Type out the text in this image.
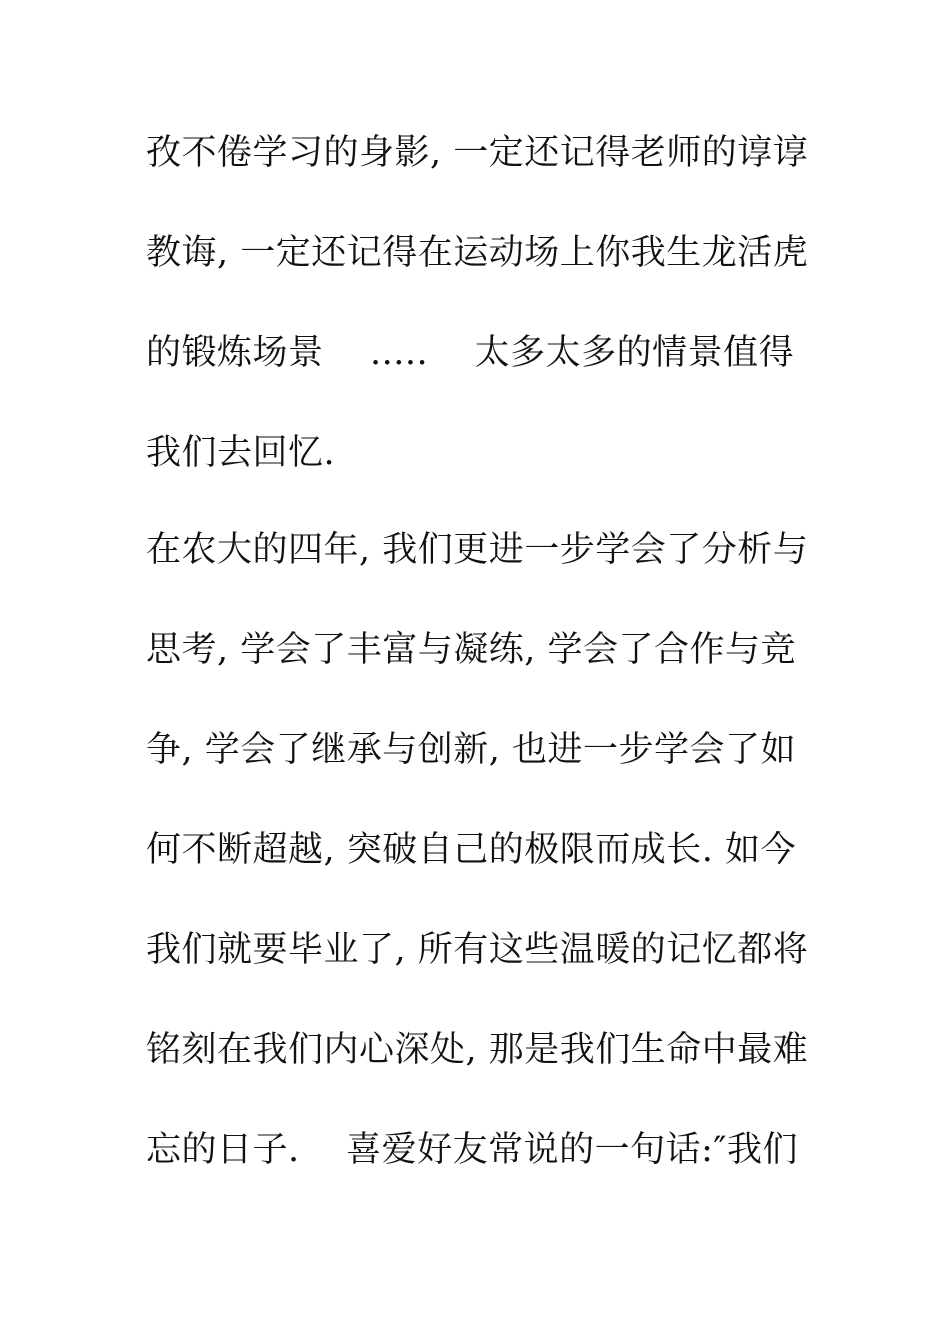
孜不倦学习的身影, 一定还记得老师的谆谆
教诲, 一定还记得在运动场上你我生龙活虎
的锻炼场景    .....    太多太多的情景值得
我们去回忆.
在农大的四年, 我们更进一步学会了分析与
思考, 学会了丰富与凝练, 学会了合作与竞
争, 学会了继承与创新, 也进一步学会了如
何不断超越, 突破自己的极限而成长. 如今
我们就要毕业了, 所有这些温暖的记忆都将
铭刻在我们内心深处, 那是我们生命中最难
忘的日子.    喜爱好友常说的一句话:″我们
